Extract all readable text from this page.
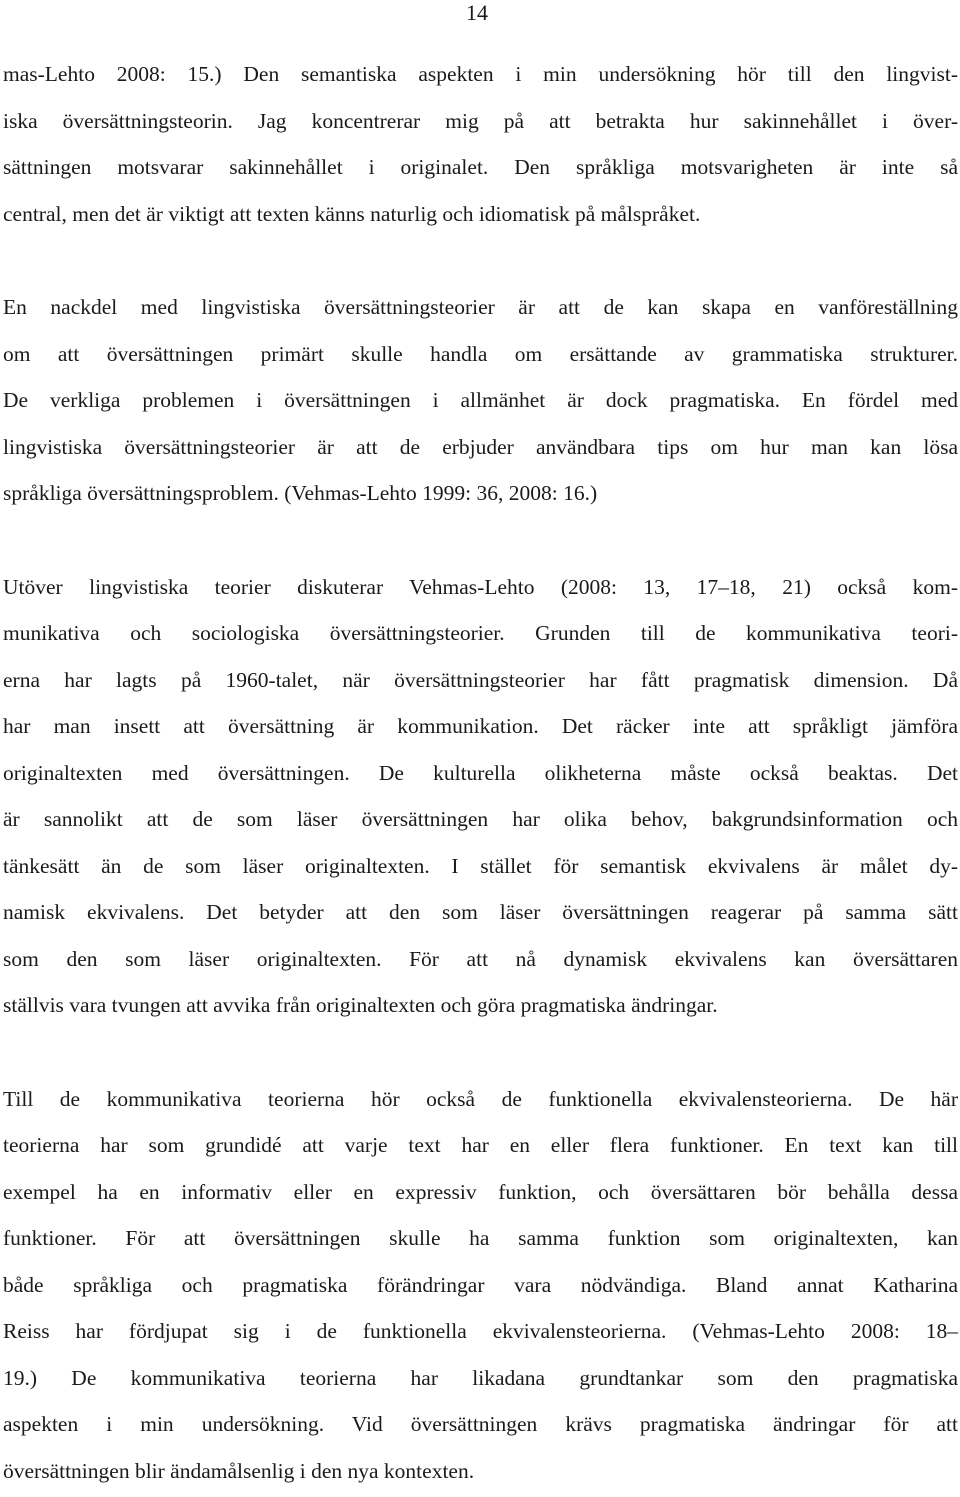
14
mas-Lehto 2008: 15.) Den semantiska aspekten i min undersökning hör till den lingvist-
iska översättningsteorin. Jag koncentrerar mig på att betrakta hur sakinnehållet i över-
sättningen motsvarar sakinnehållet i originalet. Den språkliga motsvarigheten är inte så
central, men det är viktigt att texten känns naturlig och idiomatisk på målspråket.
En nackdel med lingvistiska översättningsteorier är att de kan skapa en vanföreställning
om att översättningen primärt skulle handla om ersättande av grammatiska strukturer.
De verkliga problemen i översättningen i allmänhet är dock pragmatiska. En fördel med
lingvistiska översättningsteorier är att de erbjuder användbara tips om hur man kan lösa
språkliga översättningsproblem. (Vehmas-Lehto 1999: 36, 2008: 16.)
Utöver lingvistiska teorier diskuterar Vehmas-Lehto (2008: 13, 17–18, 21) också kom-
munikativa och sociologiska översättningsteorier. Grunden till de kommunikativa teori-
erna har lagts på 1960-talet, när översättningsteorier har fått pragmatisk dimension. Då
har man insett att översättning är kommunikation. Det räcker inte att språkligt jämföra
originaltexten med översättningen. De kulturella olikheterna måste också beaktas. Det
är sannolikt att de som läser översättningen har olika behov, bakgrundsinformation och
tänkesätt än de som läser originaltexten. I stället för semantisk ekvivalens är målet dy-
namisk ekvivalens. Det betyder att den som läser översättningen reagerar på samma sätt
som den som läser originaltexten. För att nå dynamisk ekvivalens kan översättaren
ställvis vara tvungen att avvika från originaltexten och göra pragmatiska ändringar.
Till de kommunikativa teorierna hör också de funktionella ekvivalensteorierna. De här
teorierna har som grundidé att varje text har en eller flera funktioner. En text kan till
exempel ha en informativ eller en expressiv funktion, och översättaren bör behålla dessa
funktioner. För att översättningen skulle ha samma funktion som originaltexten, kan
både språkliga och pragmatiska förändringar vara nödvändiga. Bland annat Katharina
Reiss har fördjupat sig i de funktionella ekvivalensteorierna. (Vehmas-Lehto 2008: 18–
19.) De kommunikativa teorierna har likadana grundtankar som den pragmatiska
aspekten i min undersökning. Vid översättningen krävs pragmatiska ändringar för att
översättningen blir ändamålsenlig i den nya kontexten.
